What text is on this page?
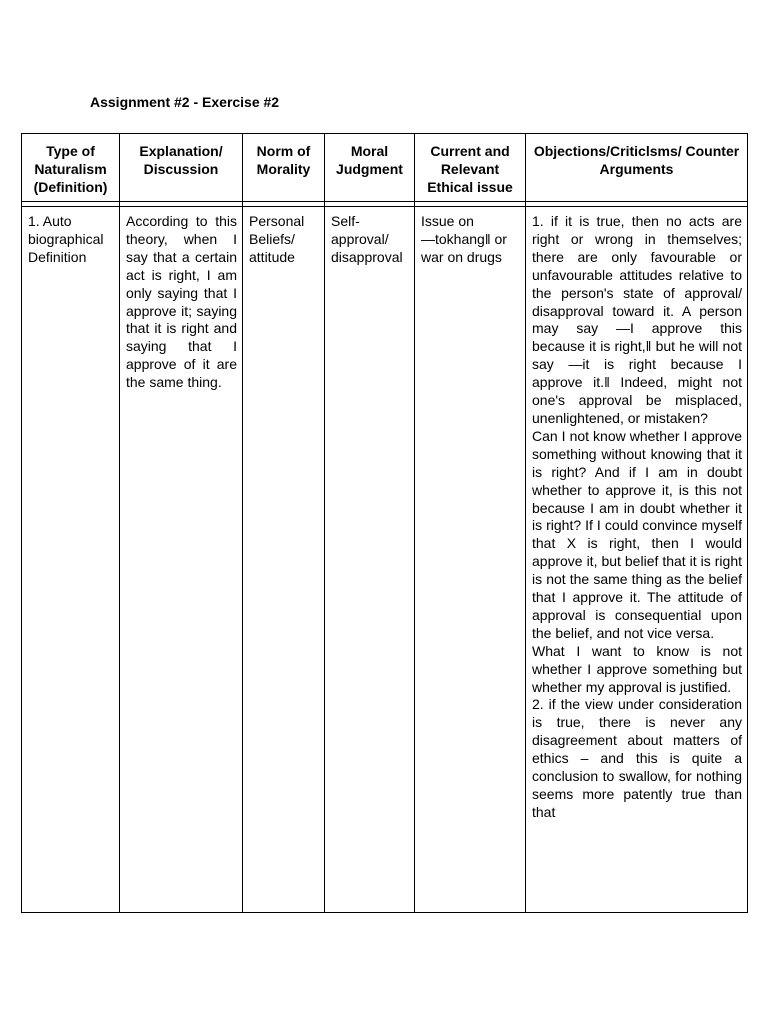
Assignment #2 - Exercise #2
Type of Naturalism (Definition)	Explanation/ Discussion	Norm of Morality	Moral Judgment	Current and Relevant Ethical issue	Objections/Criticlsms/ Counter Arguments

1. Auto biographical Definition	According to this theory, when I say that a certain act is right, I am only saying that I approve it; saying that it is right and saying that I approve of it are the same thing.	Personal Beliefs/ attitude	Self-approval/ disapproval	Issue on ―tokhang‖ or war on drugs	1. if it is true, then no acts are right or wrong in themselves; there are only favourable or unfavourable attitudes relative to the person's state of approval/ disapproval toward it. A person may say ―I approve this because it is right,‖ but he will not say ―it is right because I approve it.‖ Indeed, might not one's approval be misplaced, unenlightened, or mistaken?
Can I not know whether I approve something without knowing that it is right? And if I am in doubt whether to approve it, is this not because I am in doubt whether it is right? If I could convince myself that X is right, then I would approve it, but belief that it is right is not the same thing as the belief that I approve it. The attitude of approval is consequential upon the belief, and not vice versa.
What I want to know is not whether I approve something but whether my approval is justified.
2. if the view under consideration is true, there is never any disagreement about matters of ethics – and this is quite a conclusion to swallow, for nothing seems more patently true than that
